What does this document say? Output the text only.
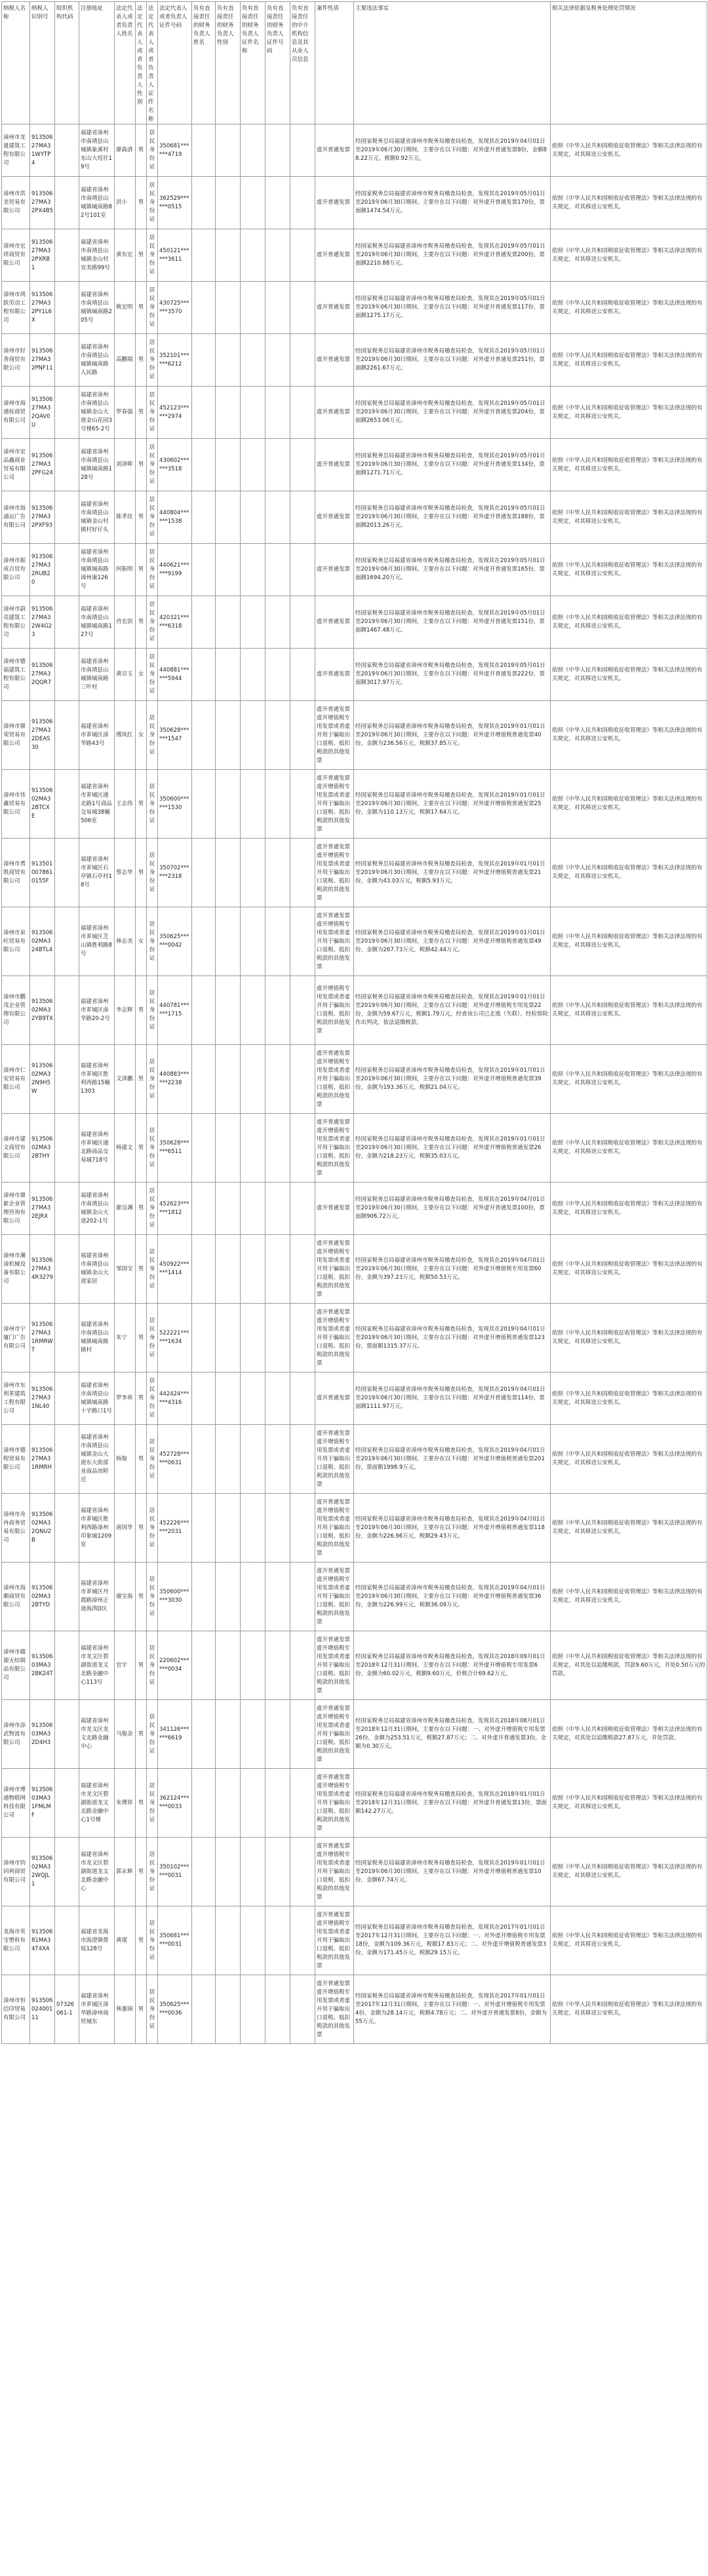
纳税人名称	纳税人识别号	组织机构代码	注册地址	法定代表人或者负责人姓名	法定代表人或者负责人性别	法定代表人或者负责人证件名称	法定代表人或者负责人证件号码	负有直接责任的财务负责人姓名	负有直接责任的财务负责人性别	负有直接责任的财务负责人证件名称	负有直接责任的财务负责人证件号码	负有直接责任的中介机构信息及其从业人员信息	案件性质	主要违法事实	相关法律依据及税务处理处罚情况
漳州市龙晟建筑工程有限公司	91350627MA31WYTP4		福建省漳州市南靖县山城镇象溪村东山大埕社19号	廖森清	男	居民身份证	350681******4719						虚开普通发票	经国家税务总局福建省漳州市税务局稽查局检查，发现其在2019年04月01日至2019年06月30日期间，主要存在以下问题：对外虚开普通发票8份，金额88.22万元，税额0.92万元。	依照《中华人民共和国税收征收管理法》等相关法律法规的有关规定，对其移送公安机关。
漳州市洪美贸易有限公司	91350627MA32PX4B5		福建省漳州市南靖县山城镇城南路82号101室	洪小	男	居民身份证	362529******0515						虚开普通发票	经国家税务总局福建省漳州市税务局稽查局检查，发现其在2019年05月01日至2019年06月30日期间，主要存在以下问题：对外虚开普通发票170份，票面额1474.54万元。	依照《中华人民共和国税收征收管理法》等相关法律法规的有关规定，对其移送公安机关。
漳州市宏祥商贸有限公司	91350627MA32PXRB1		福建省漳州市南靖县山城镇金山村安美路99号	黄东宏	男	居民身份证	450121******3611						虚开普通发票	经国家税务总局福建省漳州市税务局稽查局检查，发现其在2019年05月01日至2019年06月30日期间，主要存在以下问题：对外虚开普通发票200份，票面额2210.88万元。	依照《中华人民共和国税收征收管理法》等相关法律法规的有关规定，对其移送公安机关。
漳州市鸿跃劳动工程有限公司	91350627MA32PY1L6X		福建省漳州市南靖县山城镇城南路205号	姚宏明	男	居民身份证	430725******3570						虚开普通发票	经国家税务总局福建省漳州市税务局稽查局检查，发现其在2019年05月01日至2019年06月30日期间，主要存在以下问题：对外虚开普通发票117份，票面额1275.17万元。	依照《中华人民共和国税收征收管理法》等相关法律法规的有关规定，对其移送公安机关。
漳州市好香商贸有限公司	91350627MA32PNF11		福建省漳州市南靖县山城镇城南路人民路	高鹏瑞	男	居民身份证	352101******6212						虚开普通发票	经国家税务总局福建省漳州市税务局稽查局检查，发现其在2019年05月01日至2019年06月30日期间，主要存在以下问题：对外虚开普通发票251份，票面额2261.67万元。	依照《中华人民共和国税收征收管理法》等相关法律法规的有关规定，对其移送公安机关。
漳州市海通桂商贸有限公司	91350627MA32QAV0U		福建省漳州市南靖县山城镇金山大道金山花园3号楼65-2号	罗春强	男	居民身份证	452123******2974						虚开普通发票	经国家税务总局福建省漳州市税务局稽查局检查，发现其在2019年05月01日至2019年06月30日期间，主要存在以下问题：对外虚开普通发票204份，票面额2653.06万元。	依照《中华人民共和国税收征收管理法》等相关法律法规的有关规定，对其移送公安机关。
漳州市宏品鑫商业贸易有限公司	91350627MA32PFG24		福建省漳州市南靖县山城镇城南路128号	刘泽晖	男	居民身份证	430602******3518						虚开普通发票	经国家税务总局福建省漳州市税务局稽查局检查，发现其在2019年05月01日至2019年06月30日期间，主要存在以下问题：对外虚开普通发票134份，票面额1271.71万元。	依照《中华人民共和国税收征收管理法》等相关法律法规的有关规定，对其移送公安机关。
漳州市海浦运广告有限公司	91350627MA32PXF93		福建省漳州市南靖县山城镇金山村镇村好仔头	陈孝挂	男	居民身份证	440804******1538						虚开普通发票	经国家税务总局福建省漳州市税务局稽查局检查，发现其在2019年05月01日至2019年06月30日期间，主要存在以下问题：对外虚开普通发票188份，票面额2013.26万元。	依照《中华人民共和国税收征收管理法》等相关法律法规的有关规定，对其移送公安机关。
漳州市振成百贸有限公司	91350627MA32RUB20		福建省漳州市南靖县山城镇城南路漳州康126号	何振明	男	居民身份证	440621******9199						虚开普通发票	经国家税务总局福建省漳州市税务局稽查局检查，发现其在2019年05月01日至2019年06月30日期间，主要存在以下问题：对外虚开普通发票165份，票面额1694.20万元。	依照《中华人民共和国税收征收管理法》等相关法律法规的有关规定，对其移送公安机关。
漳州市蔚亮建筑工程有限公司	91350627MA32W4G23		福建省漳州市南靖县山城镇城南路127号	肖宏滨	男	居民身份证	420321******6318						虚开普通发票	经国家税务总局福建省漳州市税务局稽查局检查，发现其在2019年05月01日至2019年06月30日期间，主要存在以下问题：对外虚开普通发票151份，票面额1467.48万元。	依照《中华人民共和国税收征收管理法》等相关法律法规的有关规定，对其移送公安机关。
漳州市德福建筑工程有限公司	91350627MA32QQR7		福建省漳州市南靖县山城镇城南路三叶村	黄宗玉	女	居民身份证	440881******5944						虚开普通发票	经国家税务总局福建省漳州市税务局稽查局检查，发现其在2019年05月01日至2019年06月30日期间，主要存在以下问题：对外虚开普通发票222份，票面额3017.97万元。	依照《中华人民共和国税收征收管理法》等相关法律法规的有关规定，对其移送公安机关。
漳州市鼎荣贸易有限公司	91350627MA32DEAS30		福建省漳州市芗城区漳华路43号	傅风红	女	居民身份证	350628******1547						虚开普通发票虚开增值税专用发票或者虚开用于骗取出口退税、抵扣税款的其他发票	经国家税务总局福建省漳州市税务局稽查局检查，发现其在2019年01月01日至2019年06月30日期间，主要存在以下问题：对外虚开增值税普通发票40份，金额为236.56万元，税额37.85万元。	依照《中华人民共和国税收征收管理法》等相关法律法规的有关规定，对其移送公安机关。
漳州市伟鑫贸易有限公司	91350602MA32BTCXE		福建省漳州市芗城区通北路1号商品交易城38幢506室	王志伟	男	居民身份证	350600******1530						虚开普通发票虚开增值税专用发票或者虚开用于骗取出口退税、抵扣税款的其他发票	经国家税务总局福建省漳州市税务局稽查局检查，发现其在2019年01月01日至2019年06月30日期间，主要存在以下问题：对外虚开增值税普通发票25份，金额为110.13万元，税额17.64万元。	依照《中华人民共和国税收征收管理法》等相关法律法规的有关规定，对其移送公安机关。
漳州市勇凯商贸有限公司	9135010078610155F		福建省漳州市芗城区石亭镇石亭村18号	蔡志华	男	居民身份证	350702******2318						虚开普通发票虚开增值税专用发票或者虚开用于骗取出口退税、抵扣税款的其他发票	经国家税务总局福建省漳州市税务局稽查局检查，发现其在2019年01月01日至2019年06月30日期间，主要存在以下问题：对外虚开增值税普通发票21份，金额为43.03万元，税额5.93万元。	依照《中华人民共和国税收征收管理法》等相关法律法规的有关规定，对其移送公安机关。
漳州市泉旺贸易有限公司	91350602MA324BTL4		福建省漳州市芗城区芝山镇胜利路8号	林志美	女	居民身份证	350625******0042						虚开普通发票虚开增值税专用发票或者虚开用于骗取出口退税、抵扣税款的其他发票	经国家税务总局福建省漳州市税务局稽查局检查，发现其在2019年01月01日至2019年06月30日期间，主要存在以下问题：对外虚开增值税普通发票49份，金额为267.73万元，税额42.44万元。	依照《中华人民共和国税收征收管理法》等相关法律法规的有关规定，对其移送公安机关。
漳州市鹏茂企业管理有限公司	91350602MA32YB9TX		福建省漳州市芗城区南华路20-2号	李志辉	男	居民身份证	440781******1715						虚开增值税专用发票或者虚开用于骗取出口退税、抵扣税款的其他发票	经国家税务总局福建省漳州市税务局稽查局检查，发现其在2019年01月01日至2019年06月30日期间，主要存在以下问题：对外虚开增值税专用发票22份，金额为59.67万元，税额1.79万元，经查该公司已走逃（失联），经检察院作出判决，依法追缴税款。	依照《中华人民共和国税收征收管理法》等相关法律法规的有关规定，对其移送公安机关。
漳州市仁安贸易有限公司	91350602MA32N9H5W		福建省漳州市芗城区胜利西路15幢1303	文泽鹏	男	居民身份证	440883******2238						虚开普通发票虚开增值税专用发票或者虚开用于骗取出口退税、抵扣税款的其他发票	经国家税务总局福建省漳州市税务局稽查局检查，发现其在2019年01月01日至2019年06月30日期间，主要存在以下问题：对外虚开增值税普通发票39份，金额为193.36万元，税额21.04万元。	依照《中华人民共和国税收征收管理法》等相关法律法规的有关规定，对其移送公安机关。
漳州市建文商贸有限公司	91350602MA32BTHY		福建省漳州市芗城区通北路商品交易城718号	杨建文	男	居民身份证	350628******6511						虚开普通发票虚开增值税专用发票或者虚开用于骗取出口退税、抵扣税款的其他发票	经国家税务总局福建省漳州市税务局稽查局检查，发现其在2019年01月01日至2019年06月30日期间，主要存在以下问题：对外虚开增值税普通发票26份，金额为218.23万元，税额35.03万元。	依照《中华人民共和国税收征收管理法》等相关法律法规的有关规定，对其移送公安机关。
漳州市鼎新企业管理咨询有限公司	91350627MA32EJRX		福建省漳州市南靖县山城镇金山大道202-1号	廖良渊	男	居民身份证	452623******1812						虚开普通发票	经国家税务总局福建省漳州市税务局稽查局检查，发现其在2019年04月01日至2019年06月30日期间，主要存在以下问题：对外虚开普通发票100份，票面额906.72万元。	依照《中华人民共和国税收征收管理法》等相关法律法规的有关规定，对其移送公安机关。
漳州市潮漳机械设备有限公司	91350627MA34R3279		福建省漳州市南靖县山城镇金山大道家居	邹国宝	男	居民身份证	450922******1414						虚开普通发票虚开增值税专用发票或者虚开用于骗取出口退税、抵扣税款的其他发票	经国家税务总局福建省漳州市税务局稽查局检查，发现其在2019年04月01日至2019年06月30日期间，主要存在以下问题：对外虚开增值税专用发票60份，金额为397.23万元，税额50.53万元。	依照《中华人民共和国税收征收管理法》等相关法律法规的有关规定，对其移送公安机关。
漳州市宁厦门广告有限公司	91350627MA31RMRWT		福建省漳州市南靖县山城镇城南路镇村	朱宁	男	居民身份证	522221******1634						虚开普通发票虚开增值税专用发票或者虚开用于骗取出口退税、抵扣税款的其他发票	经国家税务总局福建省漳州市税务局稽查局检查，发现其在2019年04月01日至2019年06月30日期间，主要存在以下问题：对外虚开增值税普通发票123份，票面额1315.37万元。	依照《中华人民共和国税收征收管理法》等相关法律法规的有关规定，对其移送公安机关。
漳州市东利革建筑工程有限公司	91350627MA31NL40		福建省漳州市南靖县山城镇城南路十字路口1号	罗李养	男	居民身份证	442424******4316						虚开普通发票	经国家税务总局福建省漳州市税务局稽查局检查，发现其在2019年04月01日至2019年06月30日期间，主要存在以下问题：对外虚开普通发票114份，票面额1111.97万元。	依照《中华人民共和国税收征收管理法》等相关法律法规的有关规定，对其移送公安机关。
漳州市德程贸易有限公司	91350627MA31RMRH		福建省漳州市南靖县山城镇金山大道东大街部业商品房附近	杨俊	男	居民身份证	452728******0631						虚开普通发票虚开增值税专用发票或者虚开用于骗取出口退税、抵扣税款的其他发票	经国家税务总局福建省漳州市税务局稽查局检查，发现其在2019年04月01日至2019年06月30日期间，主要存在以下问题：对外虚开增值税普通发票201份，票面额1998.9万元。	依照《中华人民共和国税收征收管理法》等相关法律法规的有关规定，对其移送公安机关。
漳州市舟冉商务贸易有限公司	91350602MA32QNU2B		福建省漳州市芗城区胜利西路漳州印象城1209室	唐国华	男	居民身份证	452226******2031						虚开普通发票虚开增值税专用发票或者虚开用于骗取出口退税、抵扣税款的其他发票	经国家税务总局福建省漳州市税务局稽查局检查，发现其在2019年04月01日至2019年06月30日期间，主要存在以下问题：对外虚开增值税普通发票118份，金额为226.96万元，税额29.43万元。	依照《中华人民共和国税收征收管理法》等相关法律法规的有关规定，对其移送公安机关。
漳州市海顺商贸有限公司	91350602MA32BTYD		福建省漳州市芗城区丹霞路漳州正道海湾D区	谢宝海	男	居民身份证	350600******3030						虚开普通发票虚开增值税专用发票或者虚开用于骗取出口退税、抵扣税款的其他发票	经国家税务总局福建省漳州市税务局稽查局检查，发现其在2019年04月01日至2019年06月30日期间，主要存在以下问题：对外虚开增值税普通发票36份，金额为226.99万元，税额36.09万元。	依照《中华人民共和国税收征收管理法》等相关法律法规的有关规定，对其移送公安机关。
漳州市赣源无纺制品有限公司	91350603MA32BK24T		福建省漳州市龙文区碧湖街道龙文北路金融中心113号	官宇	男	居民身份证	220602******0034						虚开普通发票虚开增值税专用发票或者虚开用于骗取出口退税、抵扣税款的其他发票	经国家税务总局福建省漳州市税务局稽查局检查，发现其在2018年09月01日至2018年12月31日期间，主要存在以下问题：对外虚开增值税专用发票6份，金额为60.02万元，税额9.60万元，价税合计69.62万元。	依照《中华人民共和国税收征收管理法》等相关法律法规的有关规定，对其处以追缴税款，罚款9.60万元，并处0.50万元的罚款。
漳州市添武物流有限公司	91350603MA32D4H3		福建省漳州市龙文区龙文北路金融中心	马俊余	男	居民身份证	341126******6619						虚开普通发票虚开增值税专用发票或者虚开用于骗取出口退税、抵扣税款的其他发票	经国家税务总局福建省漳州市税务局稽查局检查，发现其在2018年08月01日至2018年12月31日期间，主要存在以下问题：一、对外虚开增值税专用发票26份，金额为253.51万元，税额27.87万元；二、对外虚开普通发票3份，金额为0.30万元。	依照《中华人民共和国税收征收管理法》等相关法律法规的有关规定，对其处以追缴税款27.87万元，并处罚款。
漳州市博通物联网科技有限公司	91350603MA31FMLMF		福建省漳州市龙文区碧湖街道龙文北路金融中心1号楼	朱博祥	男	居民身份证	362124******0033						虚开普通发票虚开增值税专用发票或者虚开用于骗取出口退税、抵扣税款的其他发票	经国家税务总局福建省漳州市税务局稽查局检查，发现其在2018年01月01日至2018年12月31日期间，主要存在以下问题：对外虚开普通发票13份，票面额142.27万元。	依照《中华人民共和国税收征收管理法》等相关法律法规的有关规定，对其移送公安机关。
漳州市钧同利商贸有限公司	91350602MA32WQJL1		福建省漳州市龙文区碧湖街道龙文北路金融中心	郭永辉	男	居民身份证	350102******0031						虚开普通发票虚开增值税专用发票或者虚开用于骗取出口退税、抵扣税款的其他发票	经国家税务总局福建省漳州市税务局稽查局检查，发现其在2019年01月01日至2019年06月30日期间，主要存在以下问题：对外虚开增值税普通发票10份，金额67.74万元。	依照《中华人民共和国税收征收管理法》等相关法律法规的有关规定，对其移送公安机关。
龙海市英宝塑料有限公司	91350681MA34T4XA		福建省龙海市海澄镇蔡坂128号	黄琨	男	居民身份证	350681******0031						虚开普通发票虚开增值税专用发票或者虚开用于骗取出口退税、抵扣税款的其他发票	经国家税务总局福建省漳州市税务局稽查局检查，发现其在2017年01月01日至2017年12月31日期间，主要存在以下问题：一、对外虚开增值税专用发票18份，金额为109.36万元，税额17.83万元；二、对外虚开增值税普通发票3份，金额为171.45万元，税额29.15万元。	依照《中华人民共和国税收征收管理法》等相关法律法规的有关规定，对其移送公安机关。
漳州市恒信印贸易有限公司	91350602400111	07326061-1	福建省漳州市芗城区漳华路漳州商贸城东	林惠锦	男	居民身份证	350625******0036						虚开普通发票虚开增值税专用发票或者虚开用于骗取出口退税、抵扣税款的其他发票	经国家税务总局福建省漳州市税务局稽查局检查，发现其在2017年01月01日至2017年12月31日期间，主要存在以下问题：一、对外虚开增值税专用发票4份，金额为28.14万元，税额4.78万元；二、对外虚开普通发票8份，金额为55万元。	依照《中华人民共和国税收征收管理法》等相关法律法规的有关规定，对其移送公安机关。
